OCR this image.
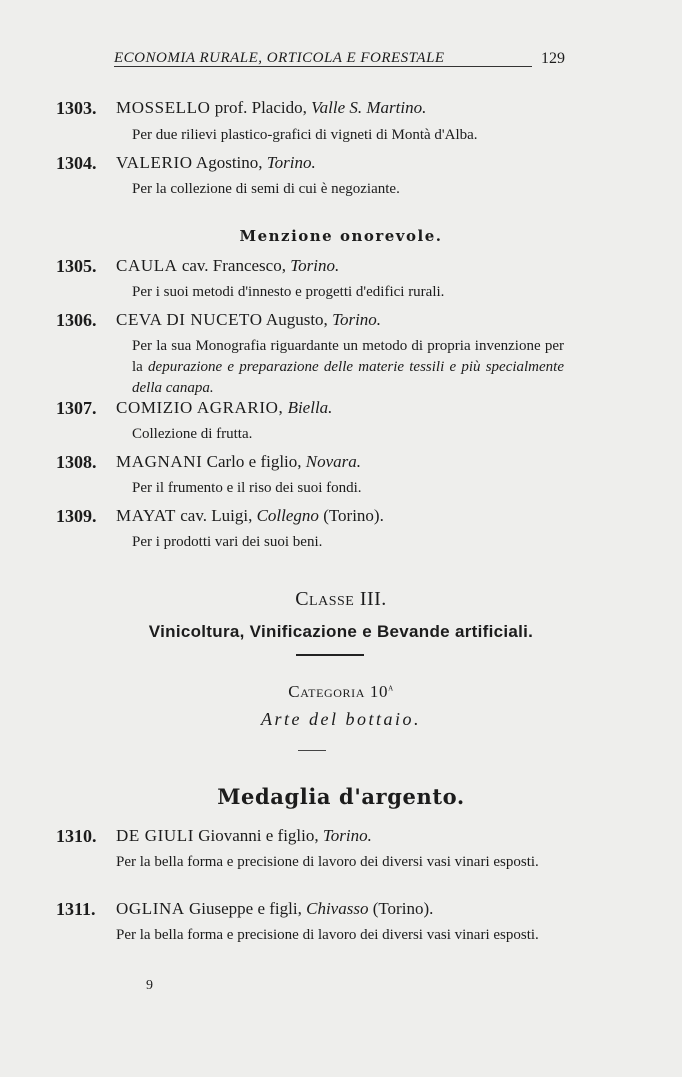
ECONOMIA RURALE, ORTICOLA E FORESTALE	129
1303.	MOSSELLO prof. Placido, Valle S. Martino.
Per due rilievi plastico-grafici di vigneti di Montà d'Alba.
1304.	VALERIO Agostino, Torino.
Per la collezione di semi di cui è negoziante.
Menzione onorevole.
1305.	CAULA cav. Francesco, Torino.
Per i suoi metodi d'innesto e progetti d'edifici rurali.
1306.	CEVA DI NUCETO Augusto, Torino.
Per la sua Monografia riguardante un metodo di propria invenzione per la depurazione e preparazione delle materie tessili e più specialmente della canapa.
1307.	COMIZIO AGRARIO, Biella.
Collezione di frutta.
1308.	MAGNANI Carlo e figlio, Novara.
Per il frumento e il riso dei suoi fondi.
1309.	MAYAT cav. Luigi, Collegno (Torino).
Per i prodotti vari dei suoi beni.
Classe III.
Vinicoltura, Vinificazione e Bevande artificiali.
Categoria 10$^a$
Arte del bottaio.
Medaglia d'argento.
1310.	DE GIULI Giovanni e figlio, Torino.
Per la bella forma e precisione di lavoro dei diversi vasi vinari esposti.
1311.	OGLINA Giuseppe e figli, Chivasso (Torino).
Per la bella forma e precisione di lavoro dei diversi vasi vinari esposti.
9
